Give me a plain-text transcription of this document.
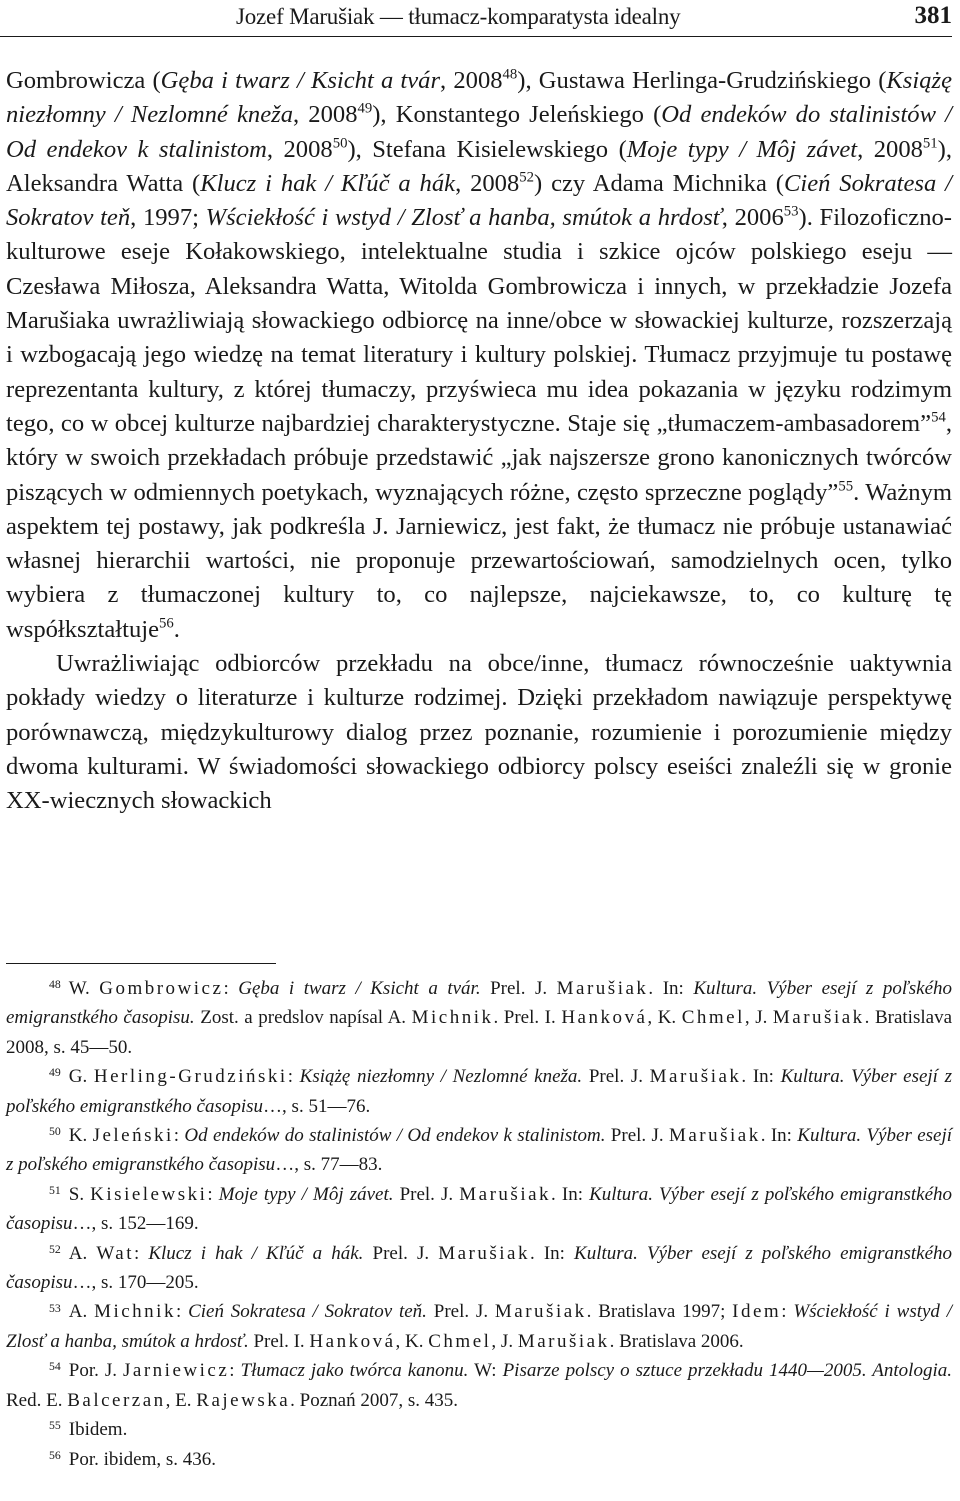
Jozef Marušiak — tłumacz-komparatysta idealny	381

Gombrowicza (Gęba i twarz / Ksicht a tvár, 2008$^{48}$), Gustawa Herlinga-Grudzińskiego (Książę niezłomny / Nezlomné kneža, 2008$^{49}$), Konstantego Jeleńskiego (Od endeków do stalinistów / Od endekov k stalinistom, 2008$^{50}$), Stefana Kisielewskiego (Moje typy / Môj závet, 2008$^{51}$), Aleksandra Watta (Klucz i hak / Kľúč a hák, 2008$^{52}$) czy Adama Michnika (Cień Sokratesa / Sokratov teň, 1997; Wściekłość i wstyd / Zlosť a hanba, smútok a hrdosť, 2006$^{53}$). Filozoficzno-kulturowe eseje Kołakowskiego, intelektualne studia i szkice ojców polskiego eseju — Czesława Miłosza, Aleksandra Watta, Witolda Gombrowicza i innych, w przekładzie Jozefa Marušiaka uwrażliwiają słowackiego odbiorcę na inne/obce w słowackiej kulturze, rozszerzają i wzbogacają jego wiedzę na temat literatury i kultury polskiej. Tłumacz przyjmuje tu postawę reprezentanta kultury, z której tłumaczy, przyświeca mu idea pokazania w języku rodzimym tego, co w obcej kulturze najbardziej charakterystyczne. Staje się „tłumaczem-ambasadorem”$^{54}$, który w swoich przekładach próbuje przedstawić „jak najszersze grono kanonicznych twórców piszących w odmiennych poetykach, wyznających różne, często sprzeczne poglądy”$^{55}$. Ważnym aspektem tej postawy, jak podkreśla J. Jarniewicz, jest fakt, że tłumacz nie próbuje ustanawiać własnej hierarchii wartości, nie proponuje przewartościowań, samodzielnych ocen, tylko wybiera z tłumaczonej kultury to, co najlepsze, najciekawsze, to, co kulturę tę współkształtuje$^{56}$.

Uwrażliwiając odbiorców przekładu na obce/inne, tłumacz równocześnie uaktywnia pokłady wiedzy o literaturze i kulturze rodzimej. Dzięki przekładom nawiązuje perspektywę porównawczą, międzykulturowy dialog przez poznanie, rozumienie i porozumienie między dwoma kulturami. W świadomości słowackiego odbiorcy polscy eseiści znaleźli się w gronie XX-wiecznych słowackich

$^{48}$ W. Gombrowicz: Gęba i twarz / Ksicht a tvár. Prel. J. Marušiak. In: Kultura. Výber esejí z poľského emigranstkého časopisu. Zost. a predslov napísal A. Michnik. Prel. I. Hanková, K. Chmel, J. Marušiak. Bratislava 2008, s. 45—50.

$^{49}$ G. Herling-Grudziński: Książę niezłomny / Nezlomné kneža. Prel. J. Marušiak. In: Kultura. Výber esejí z poľského emigranstkého časopisu…, s. 51—76.

$^{50}$ K. Jeleński: Od endeków do stalinistów / Od endekov k stalinistom. Prel. J. Marušiak. In: Kultura. Výber esejí z poľského emigranstkého časopisu…, s. 77—83.

$^{51}$ S. Kisielewski: Moje typy / Môj závet. Prel. J. Marušiak. In: Kultura. Výber esejí z poľského emigranstkého časopisu…, s. 152—169.

$^{52}$ A. Wat: Klucz i hak / Kľúč a hák. Prel. J. Marušiak. In: Kultura. Výber esejí z poľského emigranstkého časopisu…, s. 170—205.

$^{53}$ A. Michnik: Cień Sokratesa / Sokratov teň. Prel. J. Marušiak. Bratislava 1997; Idem: Wściekłość i wstyd / Zlosť a hanba, smútok a hrdosť. Prel. I. Hanková, K. Chmel, J. Marušiak. Bratislava 2006.

$^{54}$ Por. J. Jarniewicz: Tłumacz jako twórca kanonu. W: Pisarze polscy o sztuce przekładu 1440—2005. Antologia. Red. E. Balcerzan, E. Rajewska. Poznań 2007, s. 435.

$^{55}$ Ibidem.

$^{56}$ Por. ibidem, s. 436.
